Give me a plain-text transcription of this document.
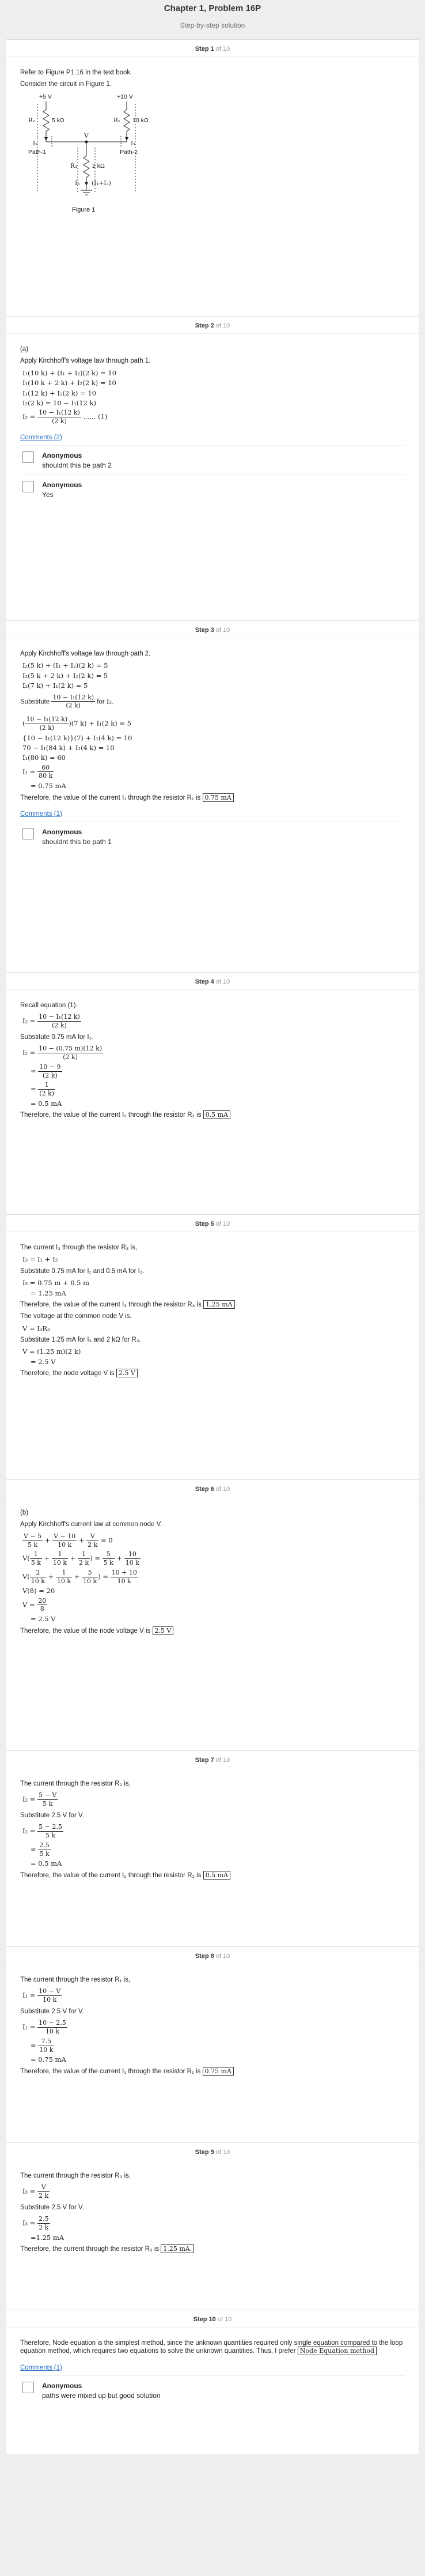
Chapter 1, Problem 16P
Step-by-step solution
Step 1 of 10

Refer to Figure P1.16 in the text book.

Consider the circuit in Figure 1.

+5 V	+10 V
R₂	5 kΩ	R₁ 10 kΩ
I₂	I₁
V
Path-1	Path-2
R₃ 2 kΩ
I₃ (I₁+I₂)
Figure 1
Step 2 of 10

(a)

Apply Kirchhoff's voltage law through path 1.

I₁(10 k) + (I₁ + I₂)(2 k) = 10
I₁(10 k + 2 k) + I₂(2 k) = 10
I₁(12 k) + I₂(2 k) = 10
I₂(2 k) = 10 − I₁(12 k)
$I_2 = \frac{\text{10 − I₁(12 k)}}{(2 k)}$ ...... (1)
Comments (2)
Anonymous
shouldnt this be path 2
Anonymous
Yes
Step 3 of 10

Apply Kirchhoff's voltage law through path 2.

I₂(5 k) + (I₁ + I₂)(2 k) = 5
I₂(5 k + 2 k) + I₁(2 k) = 5
I₂(7 k) + I₁(2 k) = 5

Substitute $\frac{\text{10 − I₁(12 k)}}{(2 k)}$ for I₂.

( $\frac{\text{10 − I₁(12 k)}}{(2 k)} )(7$ k) + I₁(2 k) = 5
{10 − I₁(12 k)}(7) + I₁(4 k) = 10
70 − I₁(84 k) + I₁(4 k) = 10
I₁(80 k) = 60
$I_1 = \frac{60}{80 k}$
= 0.75 mA

Therefore, the value of the current I₁ through the resistor R₁ is 0.75 mA

Comments (1)
Anonymous
shouldnt this be path 1
Step 4 of 10

Recall equation (1).

$I_2 = \frac{\text{10 − I₁(12 k)}}{(2 k)}$

Substitute 0.75 mA for I₁.

$I_2 = \frac{10 - (0.75 m)(12 k)}{(2 k)}$
= $\frac{10 - 9}{(2 k)}$
= $\frac{1}{(2 k)}$
= 0.5 mA

Therefore, the value of the current I₂ through the resistor R₂ is 0.5 mA

Step 5 of 10

The current I₃ through the resistor R₃ is,

I₃ = I₁ + I₂

Substitute 0.75 mA for I₁ and 0.5 mA for I₂.

I₃ = 0.75 m + 0.5 m
= 1.25 mA

Therefore, the value of the current I₃ through the resistor R₃ is 1.25 mA

The voltage at the common node V is,

V = I₃R₃

Substitute 1.25 mA for I₃ and 2 kΩ for R₃.

V = (1.25 m)(2 k)
= 2.5 V

Therefore, the node voltage V is 2.5 V

Step 6 of 10

(b)

Apply Kirchhoff's current law at common node V.

$\frac{V - 5}{5 k} + \frac{V - 10}{10 k} + \frac{V}{2 k} = 0$
$V( \frac{1}{5 k} + \frac{1}{10 k} + \frac{1}{2 k}$ ) = $\frac{5}{5 k} + \frac{10}{10 k}$
$V( \frac{2}{10 k} + \frac{1}{10 k} + \frac{5}{10 k}$ ) = $\frac{10 + 10}{10 k}$
V(8) = 20
$V = \frac{20}{8}$
= 2.5 V

Therefore, the value of the node voltage V is 2.5 V

Step 7 of 10

The current through the resistor R₂ is,

$I_2 = \frac{5 - V}{5 k}$

Substitute 2.5 V for V.

$I_2 = \frac{5 - 2.5}{5 k}$
= $\frac{2.5}{5 k}$
= 0.5 mA

Therefore, the value of the current I₂ through the resistor R₂ is 0.5 mA

Step 8 of 10

The current through the resistor R₁ is,

$I_1 = \frac{10 - V}{10 k}$

Substitute 2.5 V for V.

$I_1 = \frac{10 - 2.5}{10 k}$
= $\frac{7.5}{10 k}$
= 0.75 mA

Therefore, the value of the current I₁ through the resistor R₁ is 0.75 mA

Step 9 of 10

The current through the resistor R₃ is,

$I_3 = \frac{V}{2 k}$

Substitute 2.5 V for V.

$I_3 = \frac{2.5}{2 k}$
=1.25 mA

Therefore, the current through the resistor R₃ is 1.25 mA.

Step 10 of 10

Therefore, Node equation is the simplest method, since the unknown quantities required only single equation compared to the loop equation method, which requires two equations to solve the unknown quantities. Thus, I prefer Node Equation method

Comments (1)
Anonymous
paths were mixed up but good solution
